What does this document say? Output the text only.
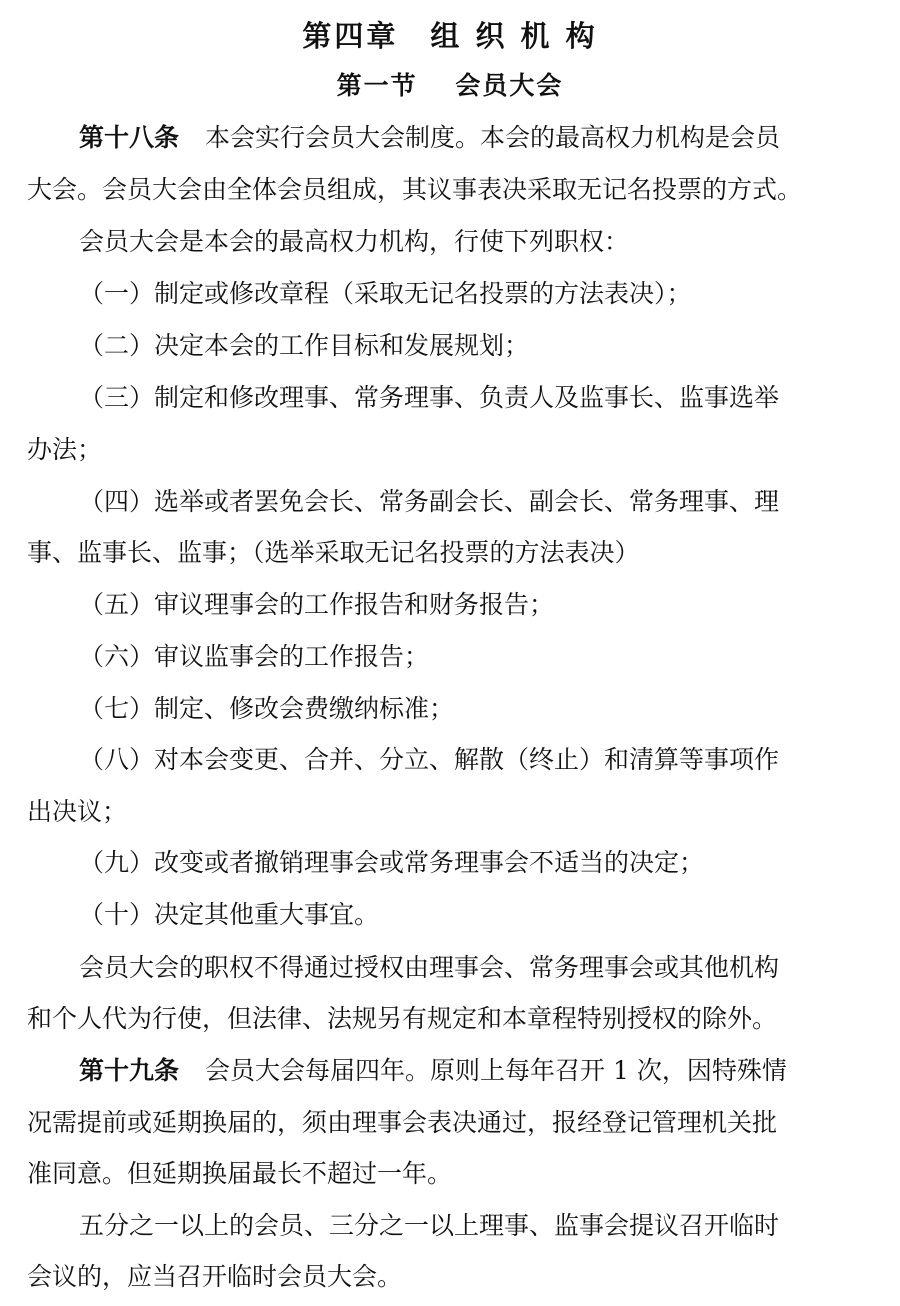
第四章　组 织 机 构
第一节　 会员大会

第十八条 本会实行会员大会制度。本会的最高权力机构是会员

大会。会员大会由全体会员组成，其议事表决采取无记名投票的方式。

会员大会是本会的最高权力机构，行使下列职权：

（一）制定或修改章程（采取无记名投票的方法表决）；

（二）决定本会的工作目标和发展规划；

（三）制定和修改理事、常务理事、负责人及监事长、监事选举

办法；

（四）选举或者罢免会长、常务副会长、副会长、常务理事、理

事、监事长、监事；（选举采取无记名投票的方法表决）

（五）审议理事会的工作报告和财务报告；

（六）审议监事会的工作报告；

（七）制定、修改会费缴纳标准；

（八）对本会变更、合并、分立、解散（终止）和清算等事项作

出决议；

（九）改变或者撤销理事会或常务理事会不适当的决定；

（十）决定其他重大事宜。

会员大会的职权不得通过授权由理事会、常务理事会或其他机构

和个人代为行使，但法律、法规另有规定和本章程特别授权的除外。

第十九条 会员大会每届四年。原则上每年召开 1 次，因特殊情

况需提前或延期换届的，须由理事会表决通过，报经登记管理机关批

准同意。但延期换届最长不超过一年。

五分之一以上的会员、三分之一以上理事、监事会提议召开临时

会议的，应当召开临时会员大会。
